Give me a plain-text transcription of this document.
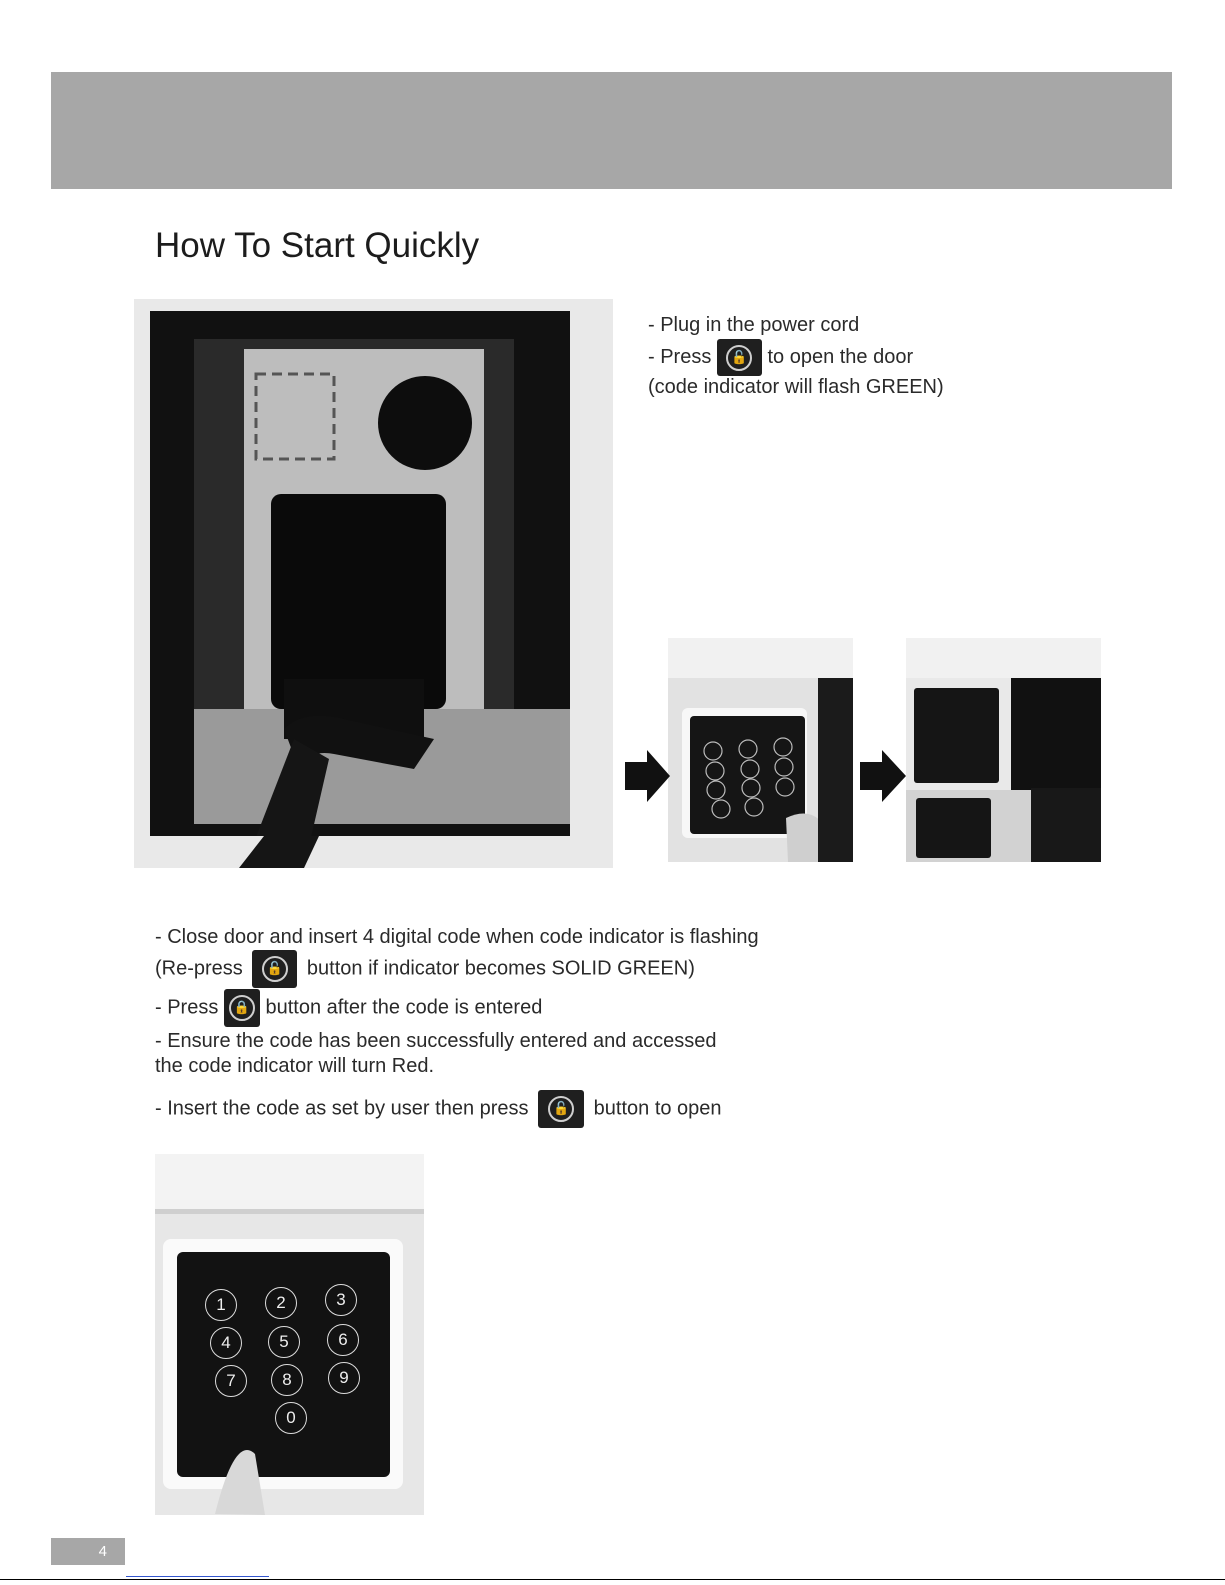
How To Start Quickly
- Plug in the power cord
- Press 🔓 to open the door
(code indicator will flash GREEN)
- Close door and insert 4 digital code when code indicator is flashing
(Re-press 🔓 button if indicator becomes SOLID GREEN)
- Press 🔒 button after the code is entered
- Ensure the code has been successfully entered and accessed
the code indicator will turn Red.
- Insert the code as set by user then press 🔓 button to open
1	2	3
4	5	6
7	8	9
0
4
